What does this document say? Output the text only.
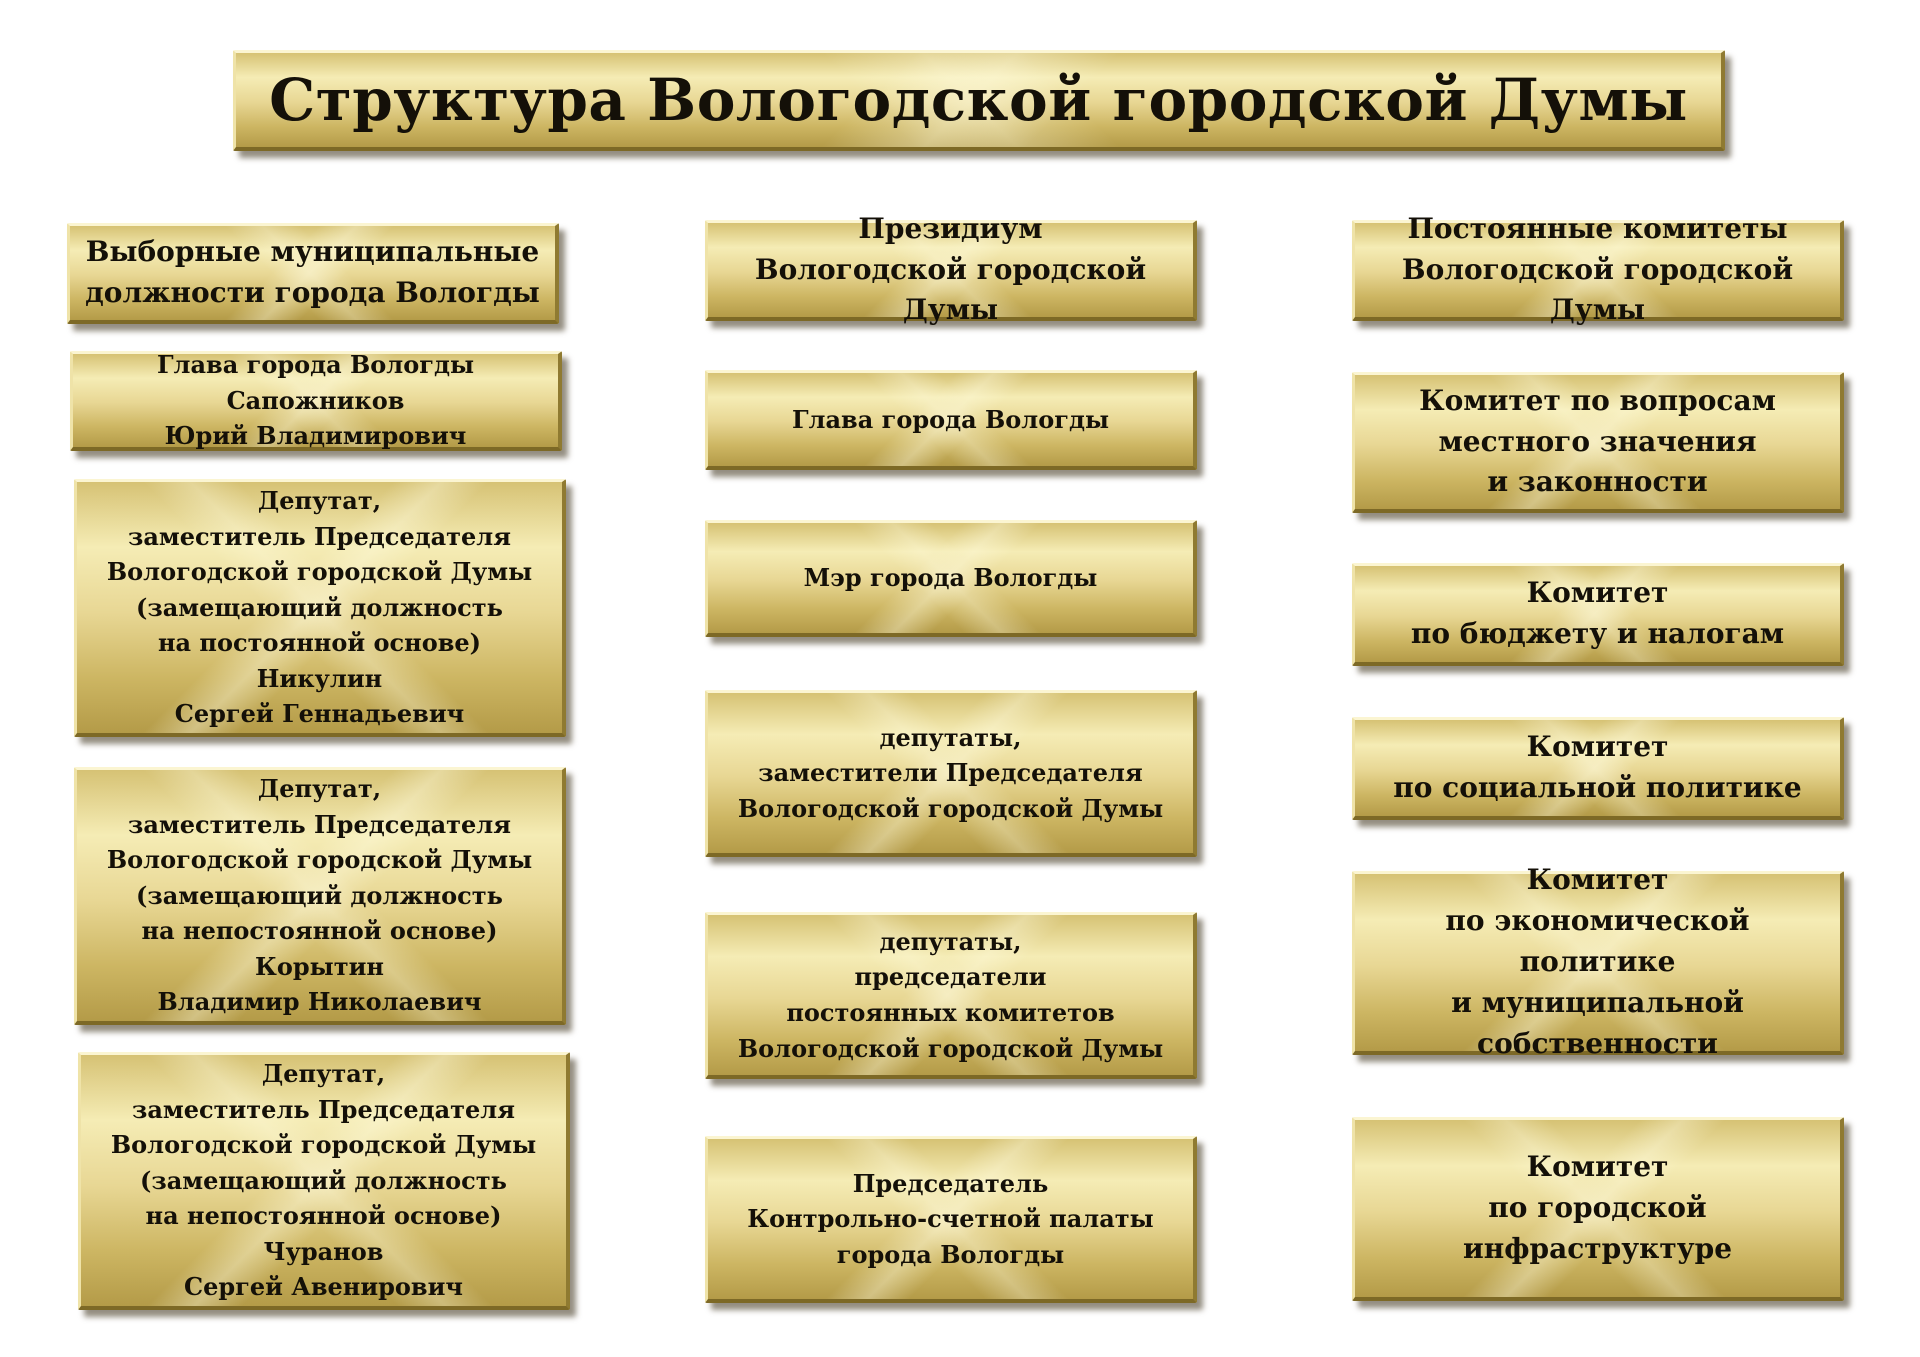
Структура Вологодской городской Думы
Выборные муниципальные
должности города Вологды
Глава города Вологды
Сапожников
Юрий Владимирович
Депутат,
заместитель Председателя
Вологодской городской Думы
(замещающий должность
на постоянной основе)
Никулин
Сергей Геннадьевич
Депутат,
заместитель Председателя
Вологодской городской Думы
(замещающий должность
на непостоянной основе)
Корытин
Владимир Николаевич
Депутат,
заместитель Председателя
Вологодской городской Думы
(замещающий должность
на непостоянной основе)
Чуранов
Сергей Авенирович
Президиум
Вологодской городской Думы
Глава города Вологды
Мэр города Вологды
депутаты,
заместители Председателя
Вологодской городской Думы
депутаты,
председатели
постоянных комитетов
Вологодской городской Думы
Председатель
Контрольно-счетной палаты
города Вологды
Постоянные комитеты
Вологодской городской Думы
Комитет по вопросам
местного значения
и законности
Комитет
по бюджету и налогам
Комитет
по социальной политике
Комитет
по экономической политике
и муниципальной
собственности
Комитет
по городской
инфраструктуре
